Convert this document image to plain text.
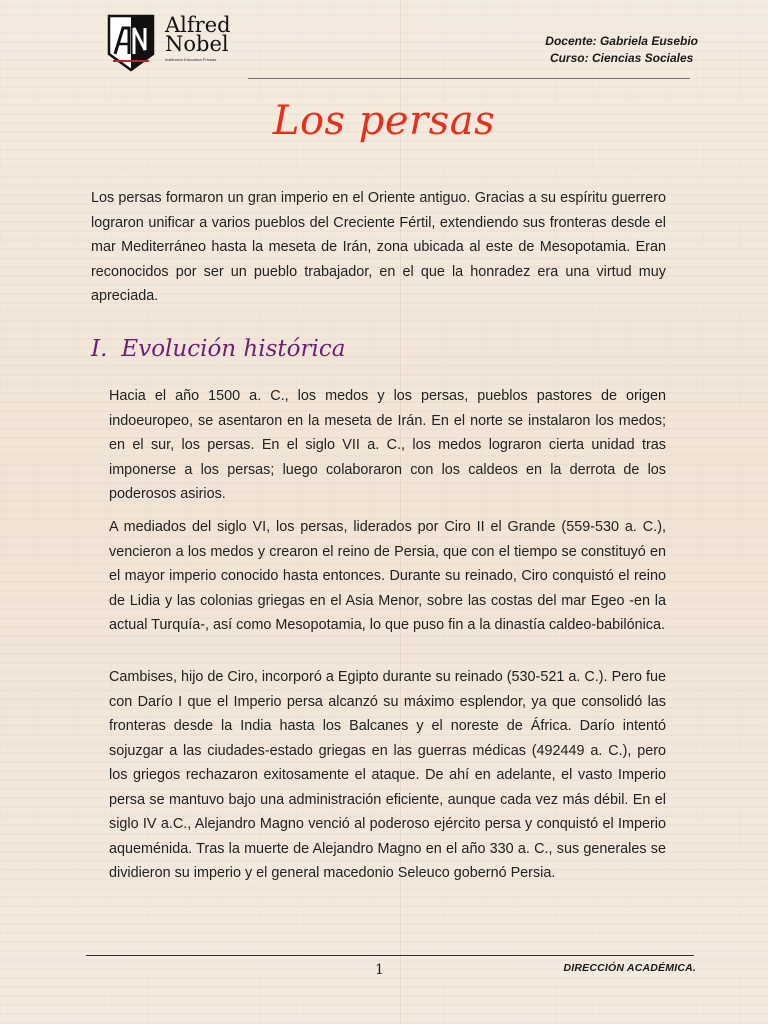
Alfred
Nobel
Institución Educativa Privada
Docente: Gabriela Eusebio
Curso: Ciencias Sociales
Los persas

Los persas formaron un gran imperio en el Oriente antiguo. Gracias a su espíritu guerrero lograron unificar a varios pueblos del Creciente Fértil, extendiendo sus fronteras desde el mar Mediterráneo hasta la meseta de Irán, zona ubicada al este de Mesopotamia. Eran reconocidos por ser un pueblo trabajador, en el que la honradez era una virtud muy apreciada.

I. Evolución histórica

Hacia el año 1500 a. C., los medos y los persas, pueblos pastores de origen indoeuropeo, se asentaron en la meseta de Irán. En el norte se instalaron los medos; en el sur, los persas. En el siglo VII a. C., los medos lograron cierta unidad tras imponerse a los persas; luego colaboraron con los caldeos en la derrota de los poderosos asirios.

A mediados del siglo VI, los persas, liderados por Ciro II el Grande (559-530 a. C.), vencieron a los medos y crearon el reino de Persia, que con el tiempo se constituyó en el mayor imperio conocido hasta entonces. Durante su reinado, Ciro conquistó el reino de Lidia y las colonias griegas en el Asia Menor, sobre las costas del mar Egeo -en la actual Turquía-, así como Mesopotamia, lo que puso fin a la dinastía caldeo-babilónica.

Cambises, hijo de Ciro, incorporó a Egipto durante su reinado (530-521 a. C.). Pero fue con Darío I que el Imperio persa alcanzó su máximo esplendor, ya que consolidó las fronteras desde la India hasta los Balcanes y el noreste de África. Darío intentó sojuzgar a las ciudades-estado griegas en las guerras médicas (492449 a. C.), pero los griegos rechazaron exitosamente el ataque. De ahí en adelante, el vasto Imperio persa se mantuvo bajo una administración eficiente, aunque cada vez más débil. En el siglo IV a.C., Alejandro Magno venció al poderoso ejército persa y conquistó el Imperio aqueménida. Tras la muerte de Alejandro Magno en el año 330 a. C., sus generales se dividieron su imperio y el general macedonio Seleuco gobernó Persia.

1	DIRECCIÓN ACADÉMICA.
